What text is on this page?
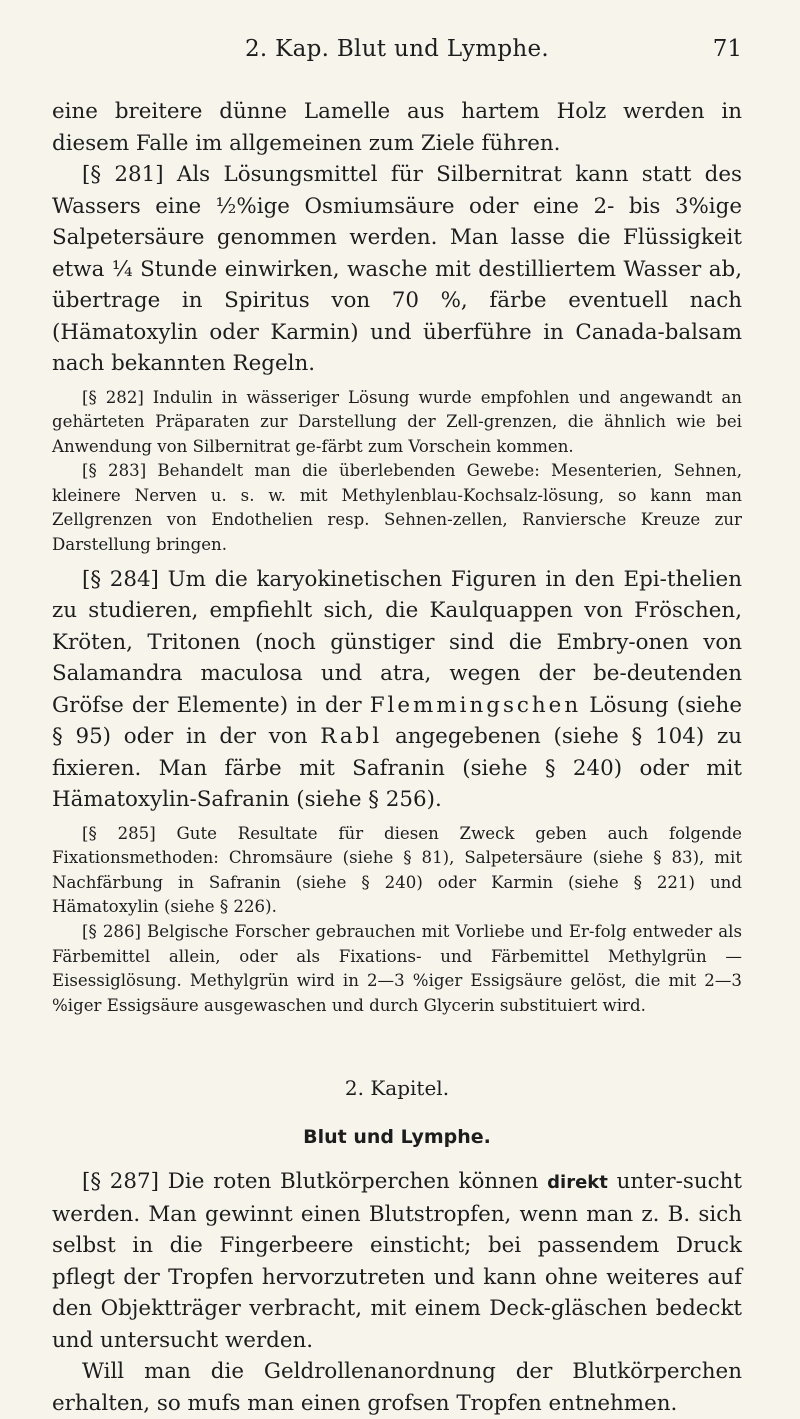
2. Kap. Blut und Lymphe.	71

eine breitere dünne Lamelle aus hartem Holz werden in diesem Falle im allgemeinen zum Ziele führen.

[§ 281] Als Lösungsmittel für Silbernitrat kann statt des Wassers eine ½%ige Osmiumsäure oder eine 2- bis 3%ige Salpetersäure genommen werden. Man lasse die Flüssigkeit etwa ¼ Stunde einwirken, wasche mit destilliertem Wasser ab, übertrage in Spiritus von 70 %, färbe eventuell nach (Hämatoxylin oder Karmin) und überführe in Canada-balsam nach bekannten Regeln.

[§ 282] Indulin in wässeriger Lösung wurde empfohlen und angewandt an gehärteten Präparaten zur Darstellung der Zell-grenzen, die ähnlich wie bei Anwendung von Silbernitrat ge-färbt zum Vorschein kommen.

[§ 283] Behandelt man die überlebenden Gewebe: Mesenterien, Sehnen, kleinere Nerven u. s. w. mit Methylenblau-Kochsalz-lösung, so kann man Zellgrenzen von Endothelien resp. Sehnen-zellen, Ranviersche Kreuze zur Darstellung bringen.

[§ 284] Um die karyokinetischen Figuren in den Epi-thelien zu studieren, empfiehlt sich, die Kaulquappen von Fröschen, Kröten, Tritonen (noch günstiger sind die Embry-onen von Salamandra maculosa und atra, wegen der be-deutenden Gröfse der Elemente) in der Flemmingschen Lösung (siehe § 95) oder in der von Rabl angegebenen (siehe § 104) zu fixieren. Man färbe mit Safranin (siehe § 240) oder mit Hämatoxylin-Safranin (siehe § 256).

[§ 285] Gute Resultate für diesen Zweck geben auch folgende Fixationsmethoden: Chromsäure (siehe § 81), Salpetersäure (siehe § 83), mit Nachfärbung in Safranin (siehe § 240) oder Karmin (siehe § 221) und Hämatoxylin (siehe § 226).

[§ 286] Belgische Forscher gebrauchen mit Vorliebe und Er-folg entweder als Färbemittel allein, oder als Fixations- und Färbemittel Methylgrün — Eisessiglösung. Methylgrün wird in 2—3 %iger Essigsäure gelöst, die mit 2—3 %iger Essigsäure ausgewaschen und durch Glycerin substituiert wird.

2. Kapitel.
Blut und Lymphe.

[§ 287] Die roten Blutkörperchen können direkt unter-sucht werden. Man gewinnt einen Blutstropfen, wenn man z. B. sich selbst in die Fingerbeere einsticht; bei passendem Druck pflegt der Tropfen hervorzutreten und kann ohne weiteres auf den Objektträger verbracht, mit einem Deck-gläschen bedeckt und untersucht werden.

Will man die Geldrollenanordnung der Blutkörperchen erhalten, so mufs man einen grofsen Tropfen entnehmen.
